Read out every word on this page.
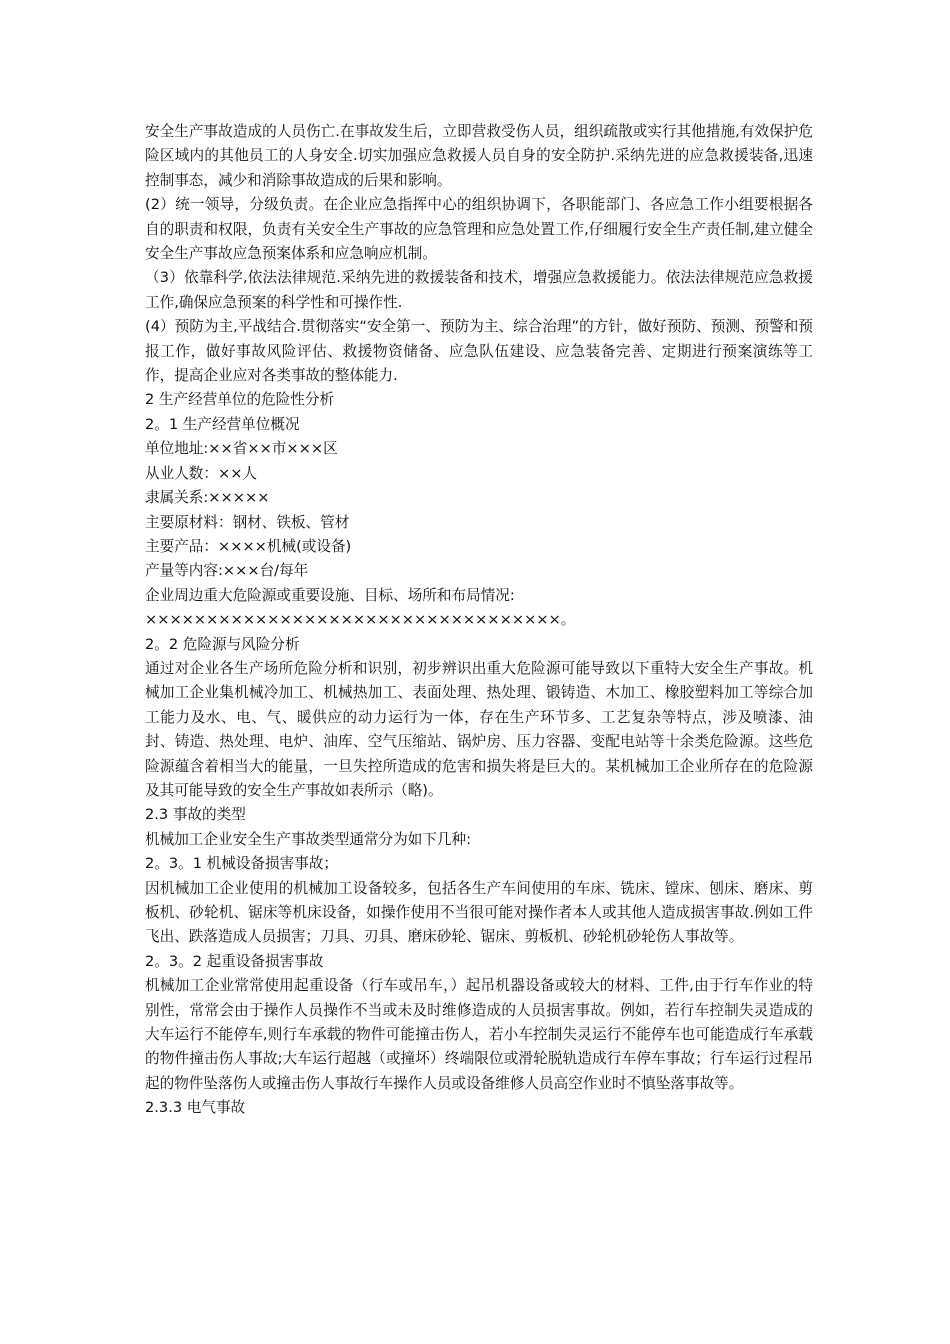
安全生产事故造成的人员伤亡.在事故发生后，立即营救受伤人员，组织疏散或实行其他措施,有效保护危险区域内的其他员工的人身安全.切实加强应急救援人员自身的安全防护.采纳先进的应急救援装备,迅速控制事态，减少和消除事故造成的后果和影响。

(2）统一领导，分级负责。在企业应急指挥中心的组织协调下，各职能部门、各应急工作小组要根据各自的职责和权限，负责有关安全生产事故的应急管理和应急处置工作,仔细履行安全生产责任制,建立健全安全生产事故应急预案体系和应急响应机制。

（3）依靠科学,依法法律规范.采纳先进的救援装备和技术，增强应急救援能力。依法法律规范应急救援工作,确保应急预案的科学性和可操作性.

(4）预防为主,平战结合.贯彻落实“安全第一、预防为主、综合治理”的方针，做好预防、预测、预警和预报工作，做好事故风险评估、救援物资储备、应急队伍建设、应急装备完善、定期进行预案演练等工作，提高企业应对各类事故的整体能力.

2 生产经营单位的危险性分析

2。1 生产经营单位概况

单位地址:××省××市×××区

从业人数：××人

隶属关系:×××××

主要原材料：钢材、铁板、管材

主要产品：××××机械(或设备)

产量等内容:×××台/每年

企业周边重大危险源或重要设施、目标、场所和布局情况:

××××××××××××××××××××××××××××××××××。

2。2 危险源与风险分析

通过对企业各生产场所危险分析和识别，初步辨识出重大危险源可能导致以下重特大安全生产事故。机械加工企业集机械冷加工、机械热加工、表面处理、热处理、锻铸造、木加工、橡胶塑料加工等综合加工能力及水、电、气、暖供应的动力运行为一体，存在生产环节多、工艺复杂等特点，涉及喷漆、油封、铸造、热处理、电炉、油库、空气压缩站、锅炉房、压力容器、变配电站等十余类危险源。这些危险源蕴含着相当大的能量，一旦失控所造成的危害和损失将是巨大的。某机械加工企业所存在的危险源及其可能导致的安全生产事故如表所示（略)。

2.3 事故的类型

机械加工企业安全生产事故类型通常分为如下几种:

2。3。1 机械设备损害事故；

因机械加工企业使用的机械加工设备较多，包括各生产车间使用的车床、铣床、镗床、刨床、磨床、剪板机、砂轮机、锯床等机床设备，如操作使用不当很可能对操作者本人或其他人造成损害事故.例如工件飞出、跌落造成人员损害；刀具、刃具、磨床砂轮、锯床、剪板机、砂轮机砂轮伤人事故等。

2。3。2 起重设备损害事故

机械加工企业常常使用起重设备（行车或吊车，）起吊机器设备或较大的材料、工件,由于行车作业的特别性，常常会由于操作人员操作不当或未及时维修造成的人员损害事故。例如，若行车控制失灵造成的大车运行不能停车,则行车承载的物件可能撞击伤人，若小车控制失灵运行不能停车也可能造成行车承载的物件撞击伤人事故;大车运行超越（或撞坏）终端限位或滑轮脱轨造成行车停车事故；行车运行过程吊起的物件坠落伤人或撞击伤人事故行车操作人员或设备维修人员高空作业时不慎坠落事故等。

2.3.3 电气事故
